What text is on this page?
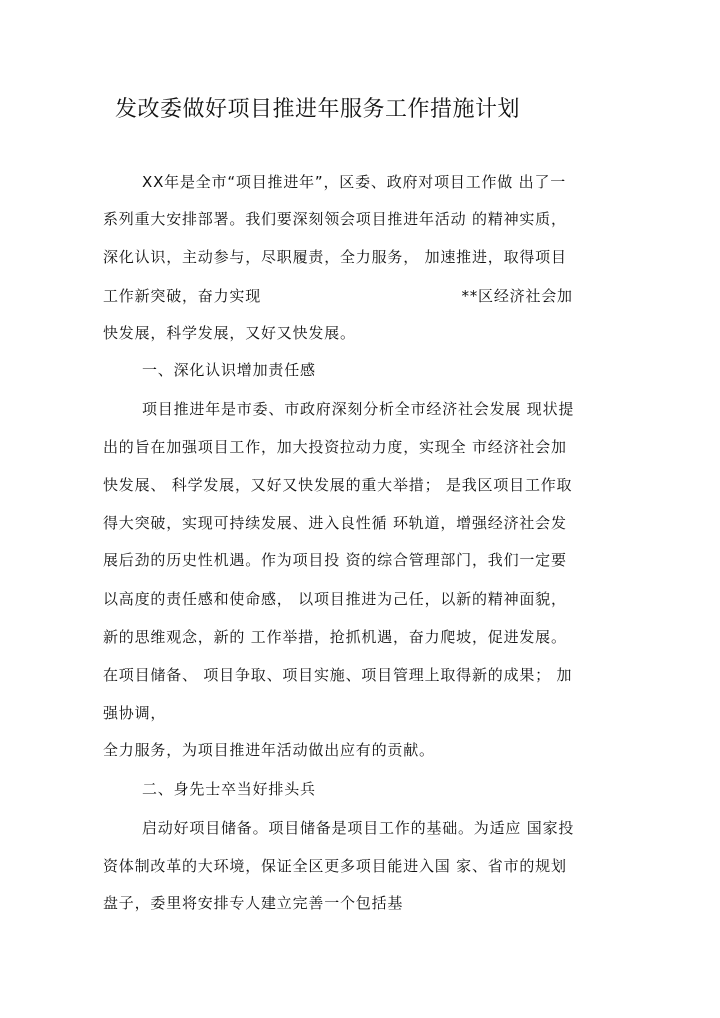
发改委做好项目推进年服务工作措施计划
XX年是全市“项目推进年”，区委、政府对项目工作做 出了一
系列重大安排部署。我们要深刻领会项目推进年活动 的精神实质，
深化认识，主动参与，尽职履责，全力服务， 加速推进，取得项目
工作新突破，奋力实现                                    **区经济社会加
快发展，科学发展，又好又快发展。
一、深化认识增加责任感
项目推进年是市委、市政府深刻分析全市经济社会发展 现状提
出的旨在加强项目工作，加大投资拉动力度，实现全 市经济社会加
快发展、 科学发展，又好又快发展的重大举措； 是我区项目工作取
得大突破，实现可持续发展、进入良性循 环轨道，增强经济社会发
展后劲的历史性机遇。作为项目投 资的综合管理部门，我们一定要
以高度的责任感和使命感， 以项目推进为己任，以新的精神面貌，
新的思维观念，新的 工作举措，抢抓机遇，奋力爬坡，促进发展。
在项目储备、 项目争取、项目实施、项目管理上取得新的成果； 加
强协调，
全力服务，为项目推进年活动做出应有的贡献。
二、身先士卒当好排头兵
启动好项目储备。项目储备是项目工作的基础。为适应 国家投
资体制改革的大环境，保证全区更多项目能进入国 家、省市的规划
盘子，委里将安排专人建立完善一个包括基
